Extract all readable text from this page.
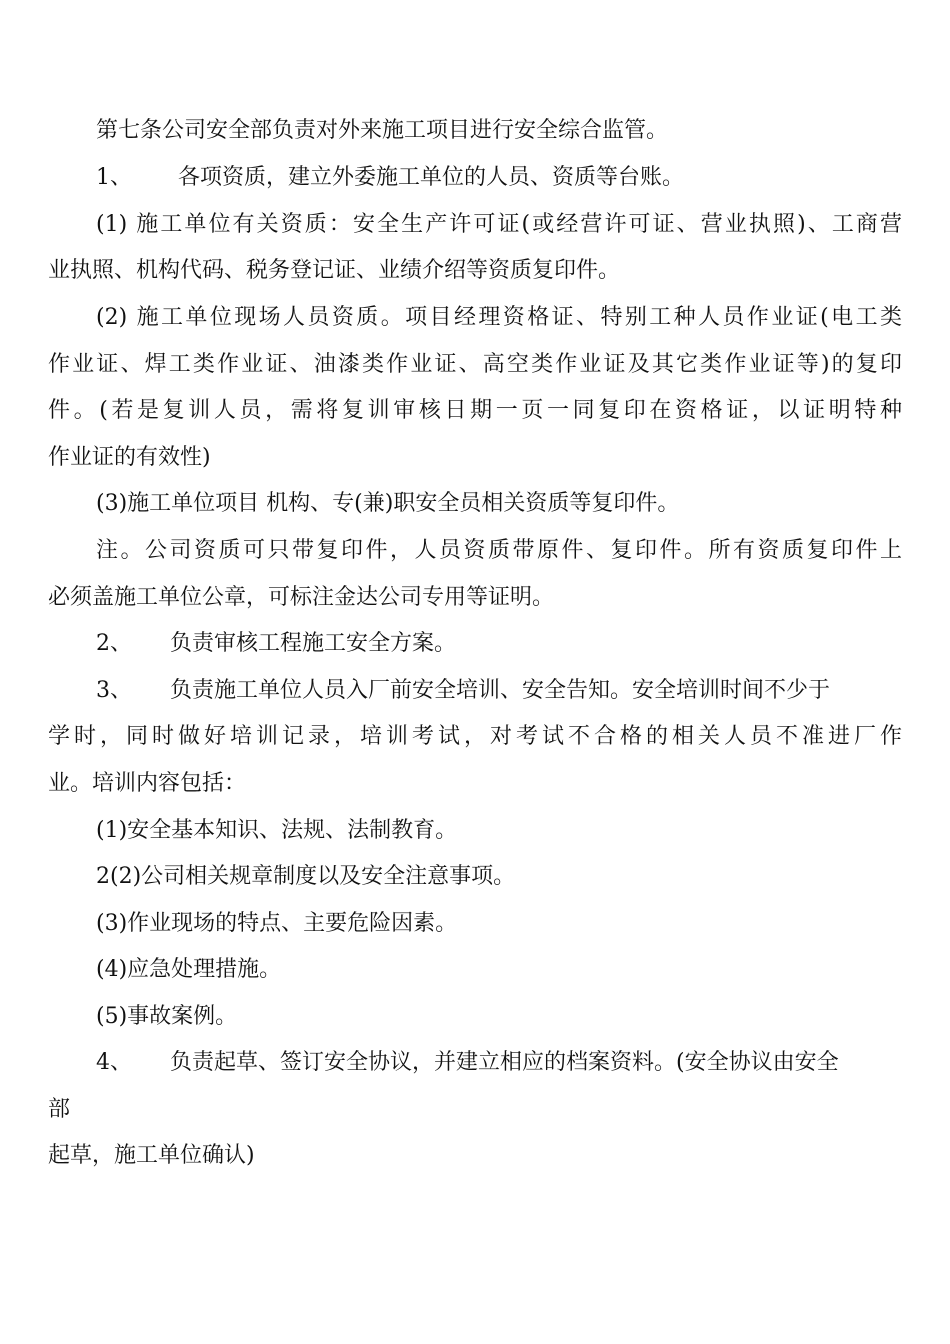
第七条公司安全部负责对外来施工项目进行安全综合监管。
1、 各项资质，建立外委施工单位的人员、资质等台账。
(1) 施工单位有关资质：安全生产许可证(或经营许可证、营业执照)、工商营
业执照、机构代码、税务登记证、业绩介绍等资质复印件。
(2) 施工单位现场人员资质。项目经理资格证、特别工种人员作业证(电工类
作业证、焊工类作业证、油漆类作业证、高空类作业证及其它类作业证等)的复印
件。(若是复训人员，需将复训审核日期一页一同复印在资格证，以证明特种
作业证的有效性)
(3)施工单位项目 机构、专(兼)职安全员相关资质等复印件。
注。公司资质可只带复印件，人员资质带原件、复印件。所有资质复印件上
必须盖施工单位公章，可标注金达公司专用等证明。
2、 负责审核工程施工安全方案。
3、 负责施工单位人员入厂前安全培训、安全告知。安全培训时间不少于
学时，同时做好培训记录，培训考试，对考试不合格的相关人员不准进厂作
业。培训内容包括：
(1)安全基本知识、法规、法制教育。
2(2)公司相关规章制度以及安全注意事项。
(3)作业现场的特点、主要危险因素。
(4)应急处理措施。
(5)事故案例。
4、 负责起草、签订安全协议，并建立相应的档案资料。(安全协议由安全
部
起草，施工单位确认)
